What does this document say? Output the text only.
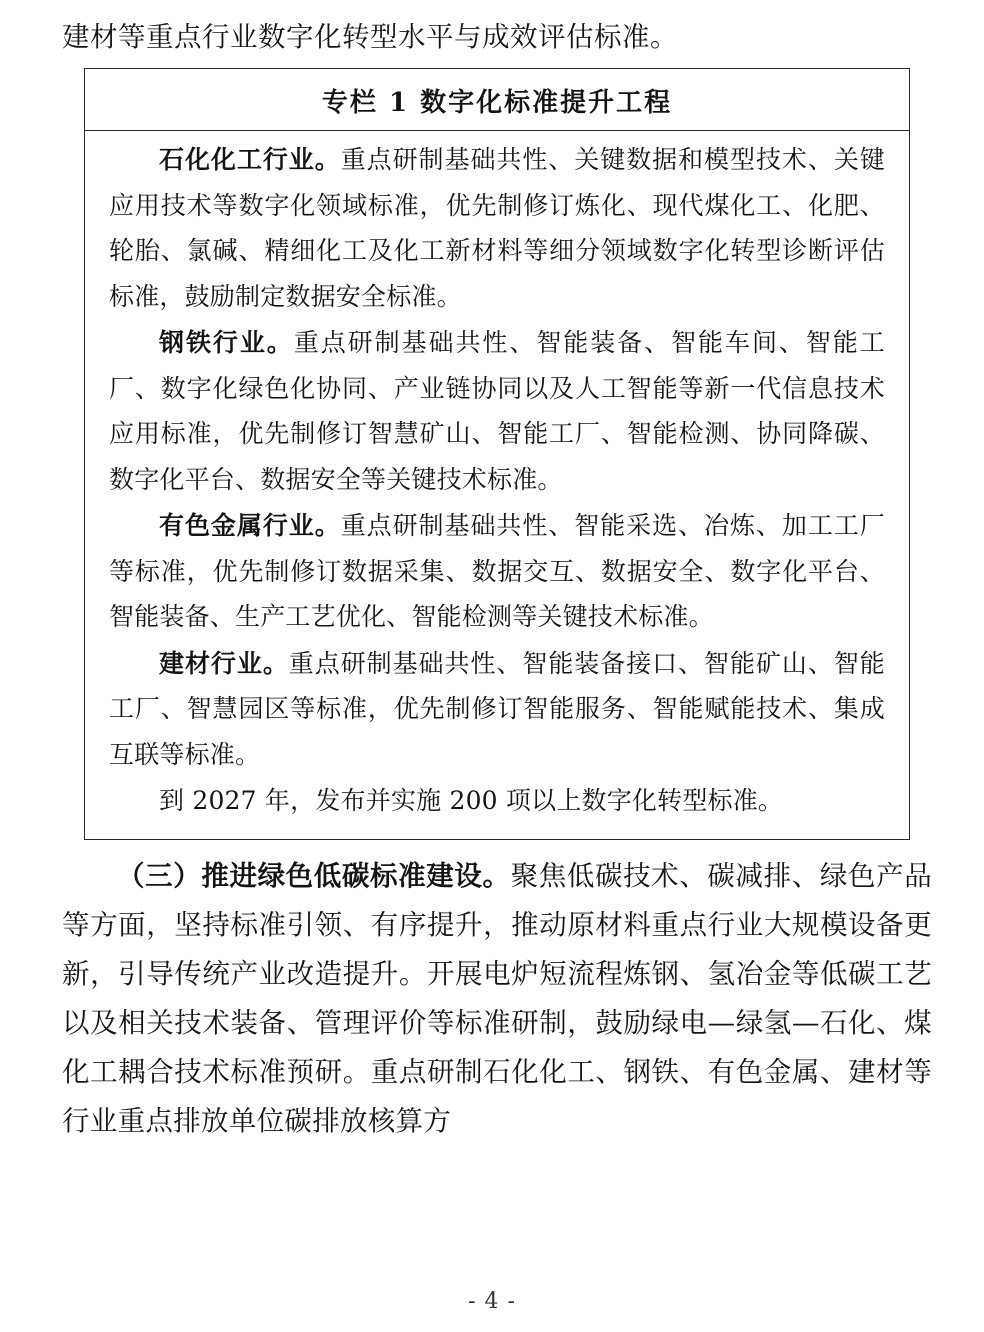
建材等重点行业数字化转型水平与成效评估标准。
专栏 1 数字化标准提升工程

石化化工行业。重点研制基础共性、关键数据和模型技术、关键应用技术等数字化领域标准，优先制修订炼化、现代煤化工、化肥、轮胎、氯碱、精细化工及化工新材料等细分领域数字化转型诊断评估标准，鼓励制定数据安全标准。

钢铁行业。重点研制基础共性、智能装备、智能车间、智能工厂、数字化绿色化协同、产业链协同以及人工智能等新一代信息技术应用标准，优先制修订智慧矿山、智能工厂、智能检测、协同降碳、数字化平台、数据安全等关键技术标准。

有色金属行业。重点研制基础共性、智能采选、冶炼、加工工厂等标准，优先制修订数据采集、数据交互、数据安全、数字化平台、智能装备、生产工艺优化、智能检测等关键技术标准。

建材行业。重点研制基础共性、智能装备接口、智能矿山、智能工厂、智慧园区等标准，优先制修订智能服务、智能赋能技术、集成互联等标准。

到 2027 年，发布并实施 200 项以上数字化转型标准。

（三）推进绿色低碳标准建设。聚焦低碳技术、碳减排、绿色产品等方面，坚持标准引领、有序提升，推动原材料重点行业大规模设备更新，引导传统产业改造提升。开展电炉短流程炼钢、氢冶金等低碳工艺以及相关技术装备、管理评价等标准研制，鼓励绿电—绿氢—石化、煤化工耦合技术标准预研。重点研制石化化工、钢铁、有色金属、建材等行业重点排放单位碳排放核算方

- 4 -
